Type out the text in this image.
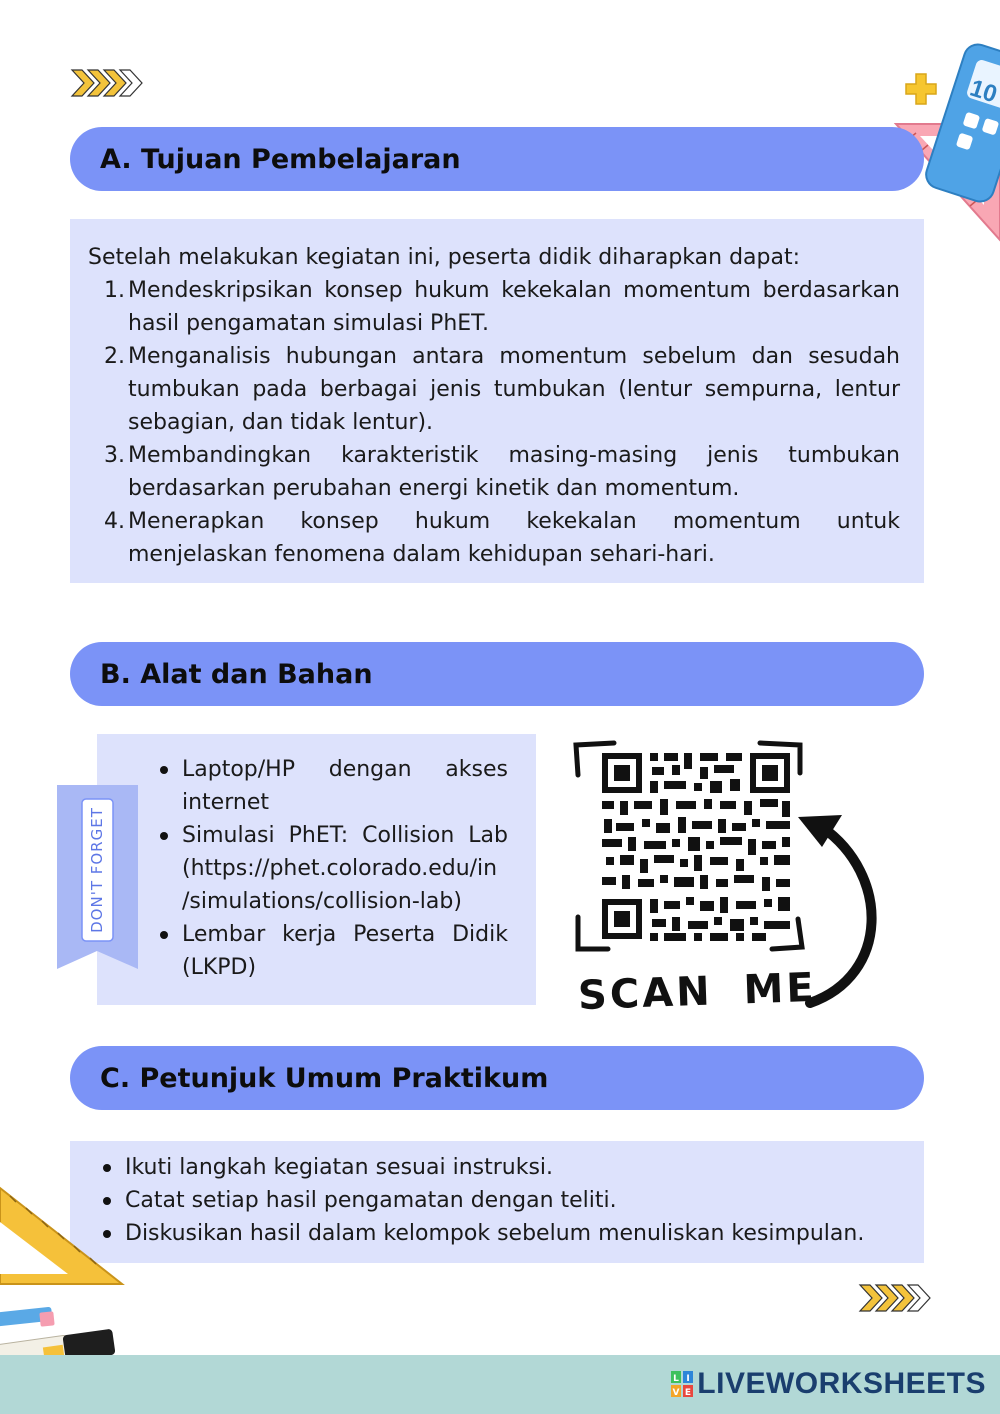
10
A. Tujuan Pembelajaran
Setelah melakukan kegiatan ini, peserta didik diharapkan dapat:
1. Mendeskripsikan konsep hukum kekekalan momentum berdasarkan hasil pengamatan simulasi PhET.
2. Menganalisis hubungan antara momentum sebelum dan sesudah tumbukan pada berbagai jenis tumbukan (lentur sempurna, lentur sebagian, dan tidak lentur).
3. Membandingkan karakteristik masing-masing jenis tumbukan berdasarkan perubahan energi kinetik dan momentum.
4. Menerapkan konsep hukum kekekalan momentum untuk menjelaskan fenomena dalam kehidupan sehari-hari.
B. Alat dan Bahan
DON'T FORGET
Laptop/HP dengan akses internet
Simulasi PhET: Collision Lab (https://phet.colorado.edu/in /simulations/collision-lab)
Lembar kerja Peserta Didik (LKPD)	SCAN ME
C. Petunjuk Umum Praktikum
Ikuti langkah kegiatan sesuai instruksi.
Catat setiap hasil pengamatan dengan teliti.
Diskusikan hasil dalam kelompok sebelum menuliskan kesimpulan.
L I
V E LIVEWORKSHEETS
